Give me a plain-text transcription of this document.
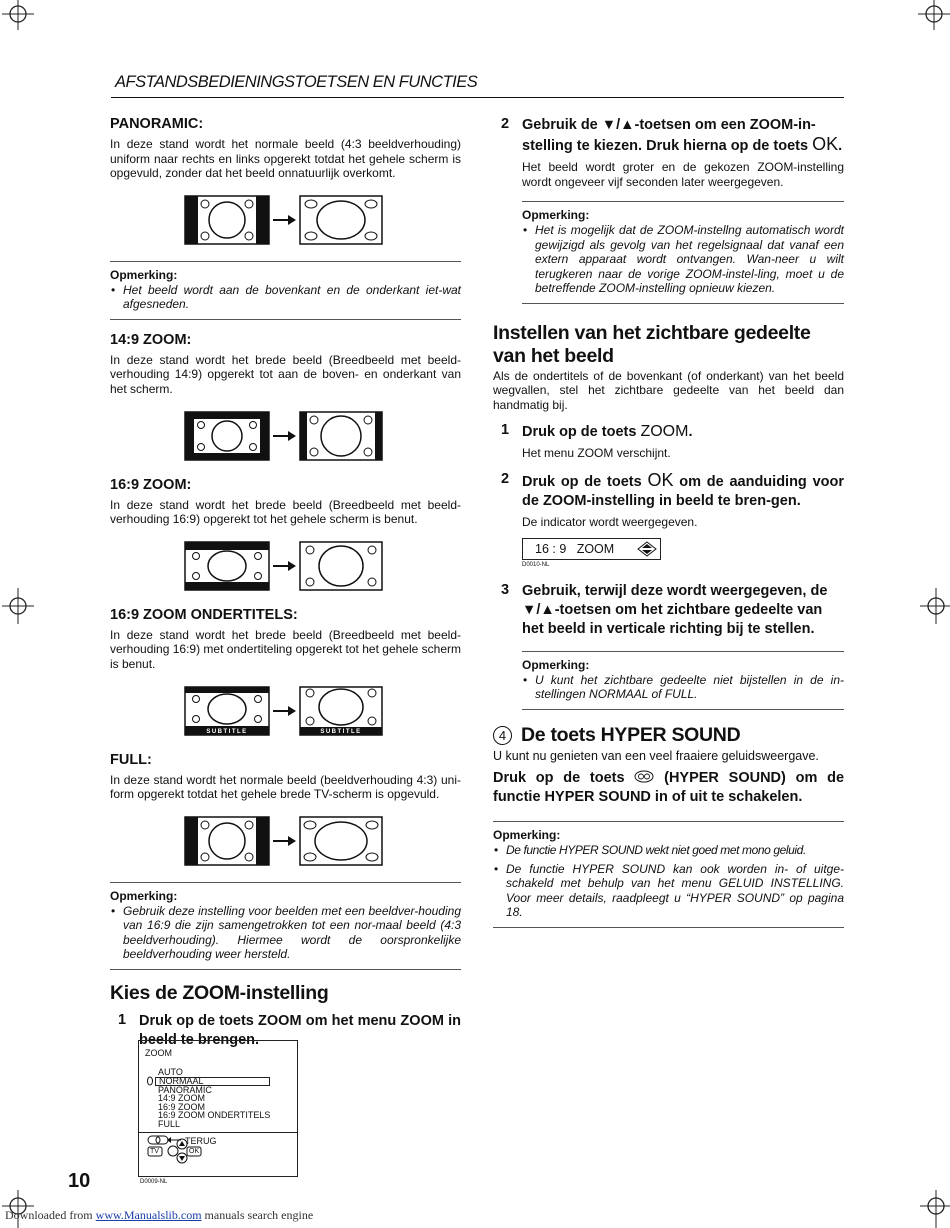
AFSTANDSBEDIENINGSTOETSEN EN FUNCTIES
PANORAMIC:

In deze stand wordt het normale beeld (4:3 beeldverhouding) uniform naar rechts en links opgerekt totdat het gehele scherm is opgevuld, zonder dat het beeld onnatuurlijk overkomt.

Opmerking:
• Het beeld wordt aan de bovenkant en de onderkant iet-wat afgesneden.
14:9 ZOOM:

In deze stand wordt het brede beeld (Breedbeeld met beeld-verhouding 14:9) opgerekt tot aan de boven- en onderkant van het scherm.

16:9 ZOOM:

In deze stand wordt het brede beeld (Breedbeeld met beeld-verhouding 16:9) opgerekt tot het gehele scherm is benut.

16:9 ZOOM ONDERTITELS:

In deze stand wordt het brede beeld (Breedbeeld met beeld-verhouding 16:9) met ondertiteling opgerekt tot het gehele scherm is benut.

SUBTITLE	SUBTITLE
FULL:

In deze stand wordt het normale beeld (beeldverhouding 4:3) uni-form opgerekt totdat het gehele brede TV-scherm is opgevuld.

Opmerking:
• Gebruik deze instelling voor beelden met een beeldver-houding van 16:9 die zijn samengetrokken tot een nor-maal beeld (4:3 beeldverhouding). Hiermee wordt de oorspronkelijke beeldverhouding weer hersteld.
Kies de ZOOM-instelling
1 Druk op de toets ZOOM om het menu ZOOM in beeld te brengen.
ZOOM
AUTO
NORMAAL
PANORAMIC
14:9 ZOOM
16:9 ZOOM
16:9 ZOOM ONDERTITELS
FULL
TERUG
TV	OK
D0009-NL
2 Gebruik de ▼/▲-toetsen om een ZOOM-in-stelling te kiezen. Druk hierna op de toets OK.

Het beeld wordt groter en de gekozen ZOOM-instelling wordt ongeveer vijf seconden later weergegeven.

Opmerking:
• Het is mogelijk dat de ZOOM-instellng automatisch wordt gewijzigd als gevolg van het regelsignaal dat vanaf een extern apparaat wordt ontvangen. Wan-neer u wilt terugkeren naar de vorige ZOOM-instel-ling, moet u de betreffende ZOOM-instelling opnieuw kiezen.
Instellen van het zichtbare gedeelte van het beeld

Als de ondertitels of de bovenkant (of onderkant) van het beeld wegvallen, stel het zichtbare gedeelte van het beeld dan handmatig bij.

1 Druk op de toets ZOOM.

Het menu ZOOM verschijnt.

2 Druk op de toets OK om de aanduiding voor de ZOOM-instelling in beeld te bren-gen.

De indicator wordt weergegeven.

16 : 9   ZOOM
D0010-NL
3 Gebruik, terwijl deze wordt weergegeven, de ▼/▲-toetsen om het zichtbare gedeelte van het beeld in verticale richting bij te stellen.
Opmerking:
• U kunt het zichtbare gedeelte niet bijstellen in de in-stellingen NORMAAL of FULL.
4 De toets HYPER SOUND

U kunt nu genieten van een veel fraaiere geluidsweergave.

Druk op de toets	(HYPER SOUND) om de functie HYPER SOUND in of uit te schakelen.
Opmerking:
• De functie HYPER SOUND wekt niet goed met mono geluid.
• De functie HYPER SOUND kan ook worden in- of uitge-schakeld met behulp van het menu GELUID INSTELLING. Voor meer details, raadpleegt u “HYPER SOUND” op pagina 18.
10
Downloaded from www.Manualslib.com manuals search engine
